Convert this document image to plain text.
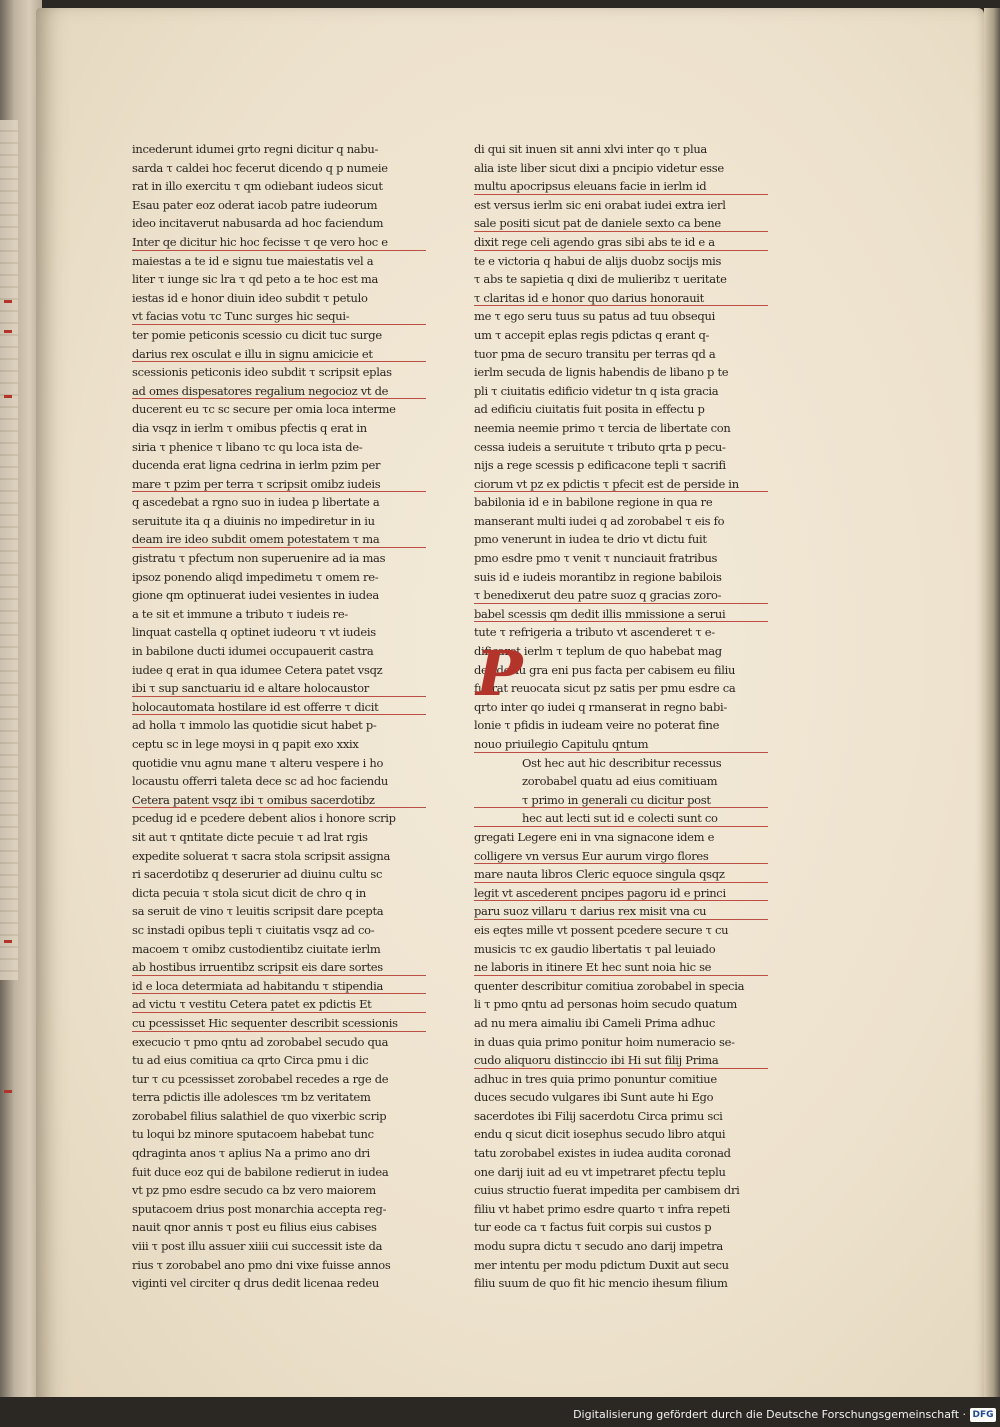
incederunt idumei grto regni dicitur q nabu-
sarda τ caldei hoc fecerut dicendo q p numeie
rat in illo exercitu τ qm odiebant iudeos sicut
Esau pater eoz oderat iacob patre iudeorum
ideo incitaverut nabusarda ad hoc faciendum
Inter qe dicitur hic hoc fecisse τ qe vero hoc e
maiestas a te id e signu tue maiestatis vel a
liter τ iunge sic lra τ qd peto a te hoc est ma
iestas id e honor diuin ideo subdit τ petulo
vt facias votu τc Tunc surges hic sequi-
ter pomie peticonis scessio cu dicit tuc surge
darius rex osculat e illu in signu amicicie et
scessionis peticonis ideo subdit τ scripsit eplas
ad omes dispesatores regalium negocioz vt de
ducerent eu τc sc secure per omia loca interme
dia vsqz in ierlm τ omibus pfectis q erat in
siria τ phenice τ libano τc qu loca ista de-
ducenda erat ligna cedrina in ierlm pzim per
mare τ pzim per terra τ scripsit omibz iudeis
q ascedebat a rgno suo in iudea p libertate a
seruitute ita q a diuinis no impediretur in iu
deam ire ideo subdit omem potestatem τ ma
gistratu τ pfectum non superuenire ad ia mas
ipsoz ponendo aliqd impedimetu τ omem re-
gione qm optinuerat iudei vesientes in iudea
a te sit et immune a tributo τ iudeis re-
linquat castella q optinet iudeoru τ vt iudeis
in babilone ducti idumei occupauerit castra
iudee q erat in qua idumee Cetera patet vsqz
ibi τ sup sanctuariu id e altare holocaustor
holocautomata hostilare id est offerre τ dicit
ad holla τ immolo las quotidie sicut habet p-
ceptu sc in lege moysi in q papit exo xxix
quotidie vnu agnu mane τ alteru vespere i ho
locaustu offerri taleta dece sc ad hoc faciendu
Cetera patent vsqz ibi τ omibus sacerdotibz
pcedug id e pcedere debent alios i honore scrip
sit aut τ qntitate dicte pecuie τ ad lrat rgis
expedite soluerat τ sacra stola scripsit assigna
ri sacerdotibz q deserurier ad diuinu cultu sc
dicta pecuia τ stola sicut dicit de chro q in
sa seruit de vino τ leuitis scripsit dare pcepta
sc instadi opibus tepli τ ciuitatis vsqz ad co-
macoem τ omibz custodientibz ciuitate ierlm
ab hostibus irruentibz scripsit eis dare sortes
id e loca determiata ad habitandu τ stipendia
ad victu τ vestitu Cetera patet ex pdictis Et
cu pcessisset Hic sequenter describit scessionis
execucio τ pmo qntu ad zorobabel secudo qua
tu ad eius comitiua ca qrto Circa pmu i dic
tur τ cu pcessisset zorobabel recedes a rge de
terra pdictis ille adolesces τm bz veritatem
zorobabel filius salathiel de quo vixerbic scrip
tu loqui bz minore sputacoem habebat tunc
qdraginta anos τ aplius Na a primo ano dri
fuit duce eoz qui de babilone redierut in iudea
vt pz pmo esdre secudo ca bz vero maiorem
sputacoem drius post monarchia accepta reg-
nauit qnor annis τ post eu filius eius cabises
viii τ post illu assuer xiiii cui successit iste da
rius τ zorobabel ano pmo dni vixe fuisse annos
viginti vel circiter q drus dedit licenaa redeu
di qui sit inuen sit anni xlvi inter qo τ plua
alia iste liber sicut dixi a pncipio videtur esse
multu apocripsus eleuans facie in ierlm id
est versus ierlm sic eni orabat iudei extra ierl
sale positi sicut pat de daniele sexto ca bene
dixit rege celi agendo gras sibi abs te id e a
te e victoria q habui de alijs duobz socijs mis
τ abs te sapietia q dixi de mulieribz τ ueritate
τ claritas id e honor quo darius honorauit
me τ ego seru tuus su patus ad tuu obsequi
um τ accepit eplas regis pdictas q erant q-
tuor pma de securo transitu per terras qd a
ierlm secuda de lignis habendis de libano p te
pli τ ciuitatis edificio videtur tn q ista gracia
ad edificiu ciuitatis fuit posita in effectu p
neemia neemie primo τ tercia de libertate con
cessa iudeis a seruitute τ tributo qrta p pecu-
nijs a rege scessis p edificacone tepli τ sacrifi
ciorum vt pz ex pdictis τ pfecit est de perside in
babilonia id e in babilone regione in qua re
manserant multi iudei q ad zorobabel τ eis fo
pmo venerunt in iudea te drio vt dictu fuit
pmo esdre pmo τ venit τ nunciauit fratribus
suis id e iudeis morantibz in regione babilois
τ benedixerut deu patre suoz q gracias zoro-
babel scessis qm dedit illis mmissione a serui
tute τ refrigeria a tributo vt ascenderet τ e-
dificaret ierlm τ teplum de quo habebat mag
desideriu gra eni pus facta per cabisem eu filiu
fuerat reuocata sicut pz satis per pmu esdre ca
qrto inter qo iudei q rmanserat in regno babi-
lonie τ pfidis in iudeam veire no poterat fine
nouo priuilegio Capitulu qntum
Ost hec aut hic describitur recessus
zorobabel quatu ad eius comitiuam
τ primo in generali cu dicitur post
hec aut lecti sut id e colecti sunt co
gregati Legere eni in vna signacone idem e
colligere vn versus Eur aurum virgo flores
mare nauta libros Cleric equoce singula qsqz
legit vt ascederent pncipes pagoru id e princi
paru suoz villaru τ darius rex misit vna cu
eis eqtes mille vt possent pcedere secure τ cu
musicis τc ex gaudio libertatis τ pal leuiado
ne laboris in itinere Et hec sunt noia hic se
quenter describitur comitiua zorobabel in specia
li τ pmo qntu ad personas hoim secudo quatum
ad nu mera aimaliu ibi Cameli Prima adhuc
in duas quia primo ponitur hoim numeracio se-
cudo aliquoru distinccio ibi Hi sut filij Prima
adhuc in tres quia primo ponuntur comitiue
duces secudo vulgares ibi Sunt aute hi Ego
sacerdotes ibi Filij sacerdotu Circa primu sci
endu q sicut dicit iosephus secudo libro atqui
tatu zorobabel existes in iudea audita coronad
one darij iuit ad eu vt impetraret pfectu teplu
cuius structio fuerat impedita per cambisem dri
filiu vt habet primo esdre quarto τ infra repeti
tur eode ca τ factus fuit corpis sui custos p
modu supra dictu τ secudo ano darij impetra
mer intentu per modu pdictum Duxit aut secu
filiu suum de quo fit hic mencio ihesum filium
P
Digitalisierung gefördert durch die Deutsche Forschungsgemeinschaft · DFG
